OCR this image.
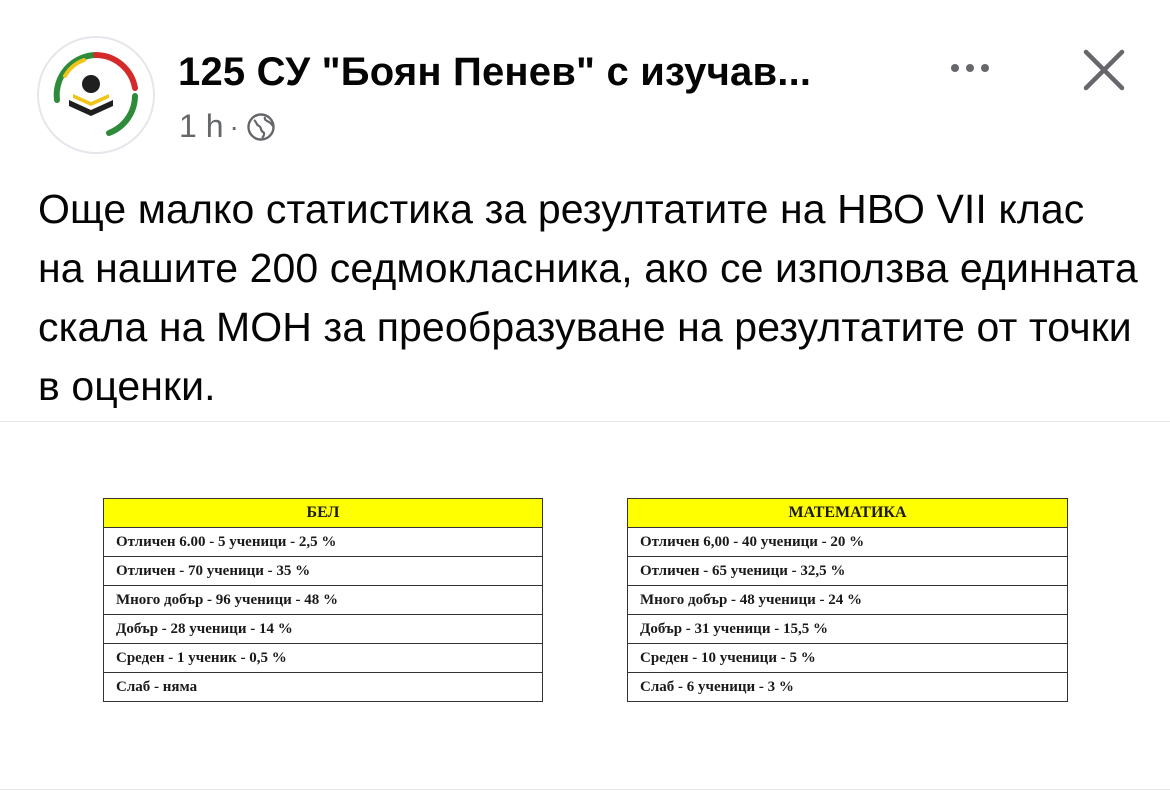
125 СУ "Боян Пенев" с изучав...
1 h ·
Още малко статистика за резултатите на НВО VII клас на нашите 200 седмокласника, ако се използва единната скала на МОН за преобразуване на резултатите от точки в оценки.
БЕЛ
Отличен 6.00 - 5 ученици - 2,5 %
Отличен - 70 ученици - 35 %
Много добър - 96 ученици - 48 %
Добър - 28 ученици - 14 %
Среден - 1 ученик - 0,5 %
Слаб - няма
МАТЕМАТИКА
Отличен 6,00 - 40 ученици - 20 %
Отличен - 65 ученици - 32,5 %
Много добър - 48 ученици - 24 %
Добър - 31 ученици - 15,5 %
Среден - 10 ученици - 5 %
Слаб - 6 ученици - 3 %
